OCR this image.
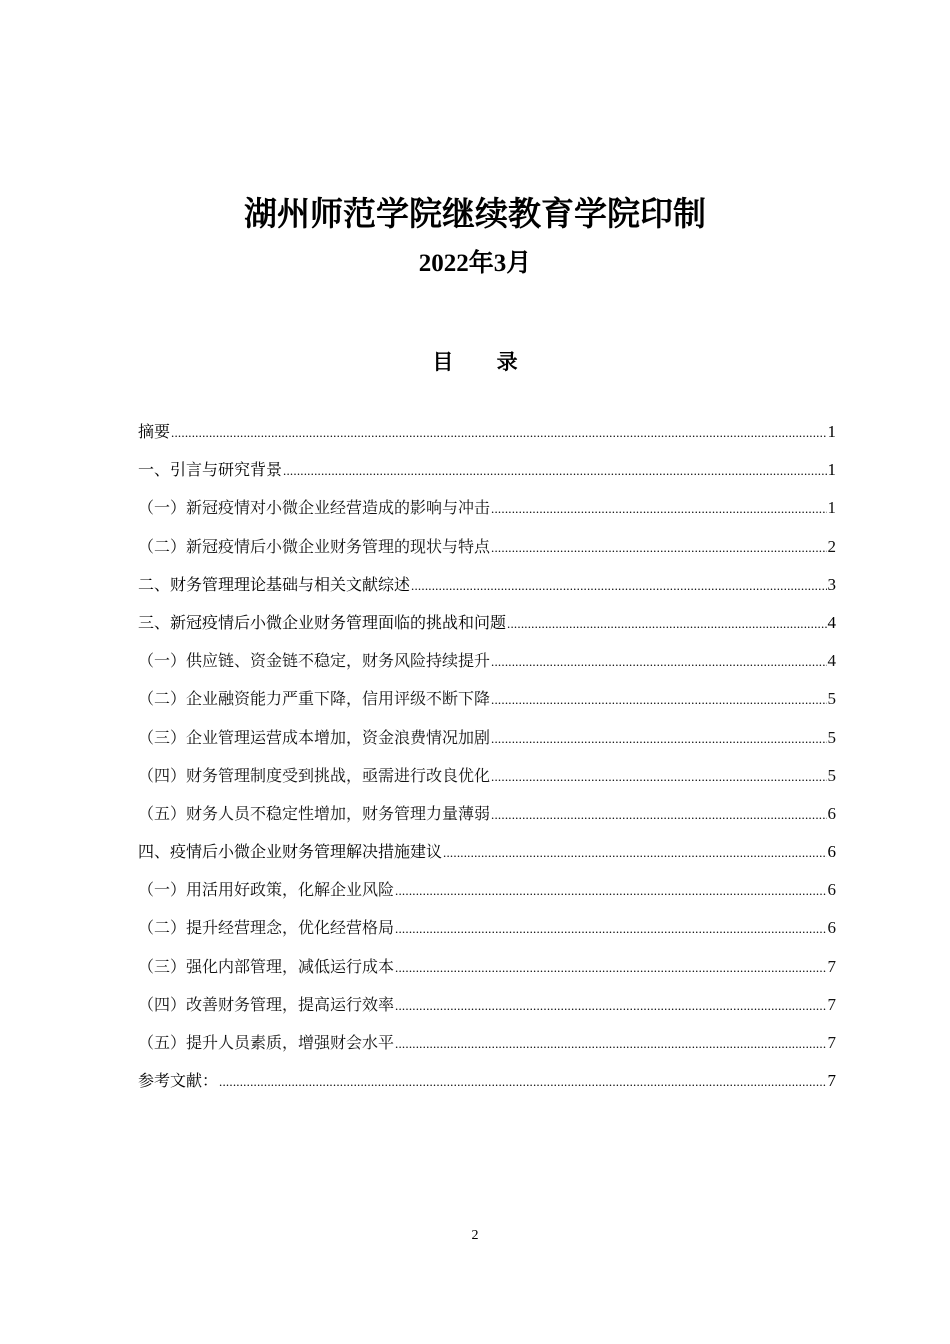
湖州师范学院继续教育学院印制
2022年3月
目 录
摘要 .....	1
一、引言与研究背景 .....	1
（一）新冠疫情对小微企业经营造成的影响与冲击 .....	1
（二）新冠疫情后小微企业财务管理的现状与特点 .....	2
二、财务管理理论基础与相关文献综述 .....	3
三、新冠疫情后小微企业财务管理面临的挑战和问题 .....	4
（一）供应链、资金链不稳定，财务风险持续提升 .....	4
（二）企业融资能力严重下降，信用评级不断下降 .....	5
（三）企业管理运营成本增加，资金浪费情况加剧 .....	5
（四）财务管理制度受到挑战，亟需进行改良优化 .....	5
（五）财务人员不稳定性增加，财务管理力量薄弱 .....	6
四、疫情后小微企业财务管理解决措施建议 .....	6
（一）用活用好政策，化解企业风险 .....	6
（二）提升经营理念，优化经营格局 .....	6
（三）强化内部管理，减低运行成本 .....	7
（四）改善财务管理，提高运行效率 .....	7
（五）提升人员素质，增强财会水平 .....	7
参考文献： .....	7
2
